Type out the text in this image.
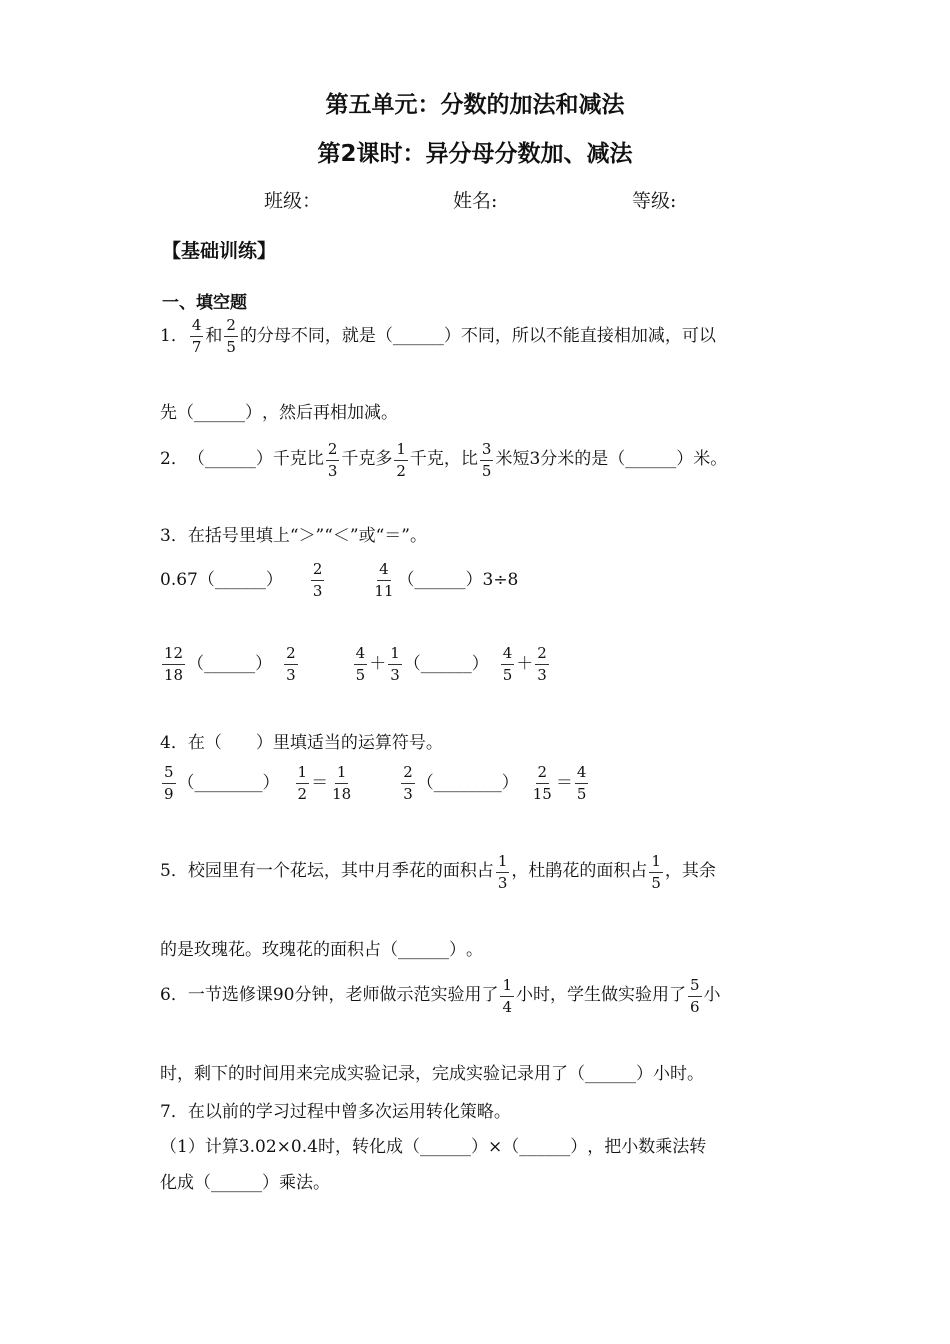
第五单元：分数的加法和减法
第2课时：异分母分数加、减法
班级：	姓名:	等级:
【基础训练】
一、填空题
1． $\frac{4}{7}$ 和 $\frac{2}{5}$ 的分母不同，就是（______）不同，所以不能直接相加减，可以
先（______），然后再相加减。
2．（______）千克比 $\frac{2}{3}$ 千克多 $\frac{1}{2}$ 千克，比 $\frac{3}{5}$ 米短3分米的是（______）米。
3．在括号里填上“＞”“＜”或“＝”。
0.67（______） $\frac{2}{3}$	$\frac{4}{11}$ （______）3÷8
$\frac{12}{18}$ （______） $\frac{2}{3}$	$\frac{4}{5} + \frac{1}{3}$ （______） $\frac{4}{5} + \frac{2}{3}$
4．在（　　）里填适当的运算符号。
$\frac{5}{9}$ （________） $\frac{1}{2} = \frac{1}{18}$	$\frac{2}{3}$ （________） $\frac{2}{15} = \frac{4}{5}$
5．校园里有一个花坛，其中月季花的面积占 $\frac{1}{3}$ ，杜鹃花的面积占 $\frac{1}{5}$ ，其余
的是玫瑰花。玫瑰花的面积占（______）。
6．一节选修课90分钟，老师做示范实验用了 $\frac{1}{4}$ 小时，学生做实验用了 $\frac{5}{6}$ 小
时，剩下的时间用来完成实验记录，完成实验记录用了（______）小时。
7．在以前的学习过程中曾多次运用转化策略。
（1）计算3.02×0.4时，转化成（______）×（______），把小数乘法转
化成（______）乘法。
